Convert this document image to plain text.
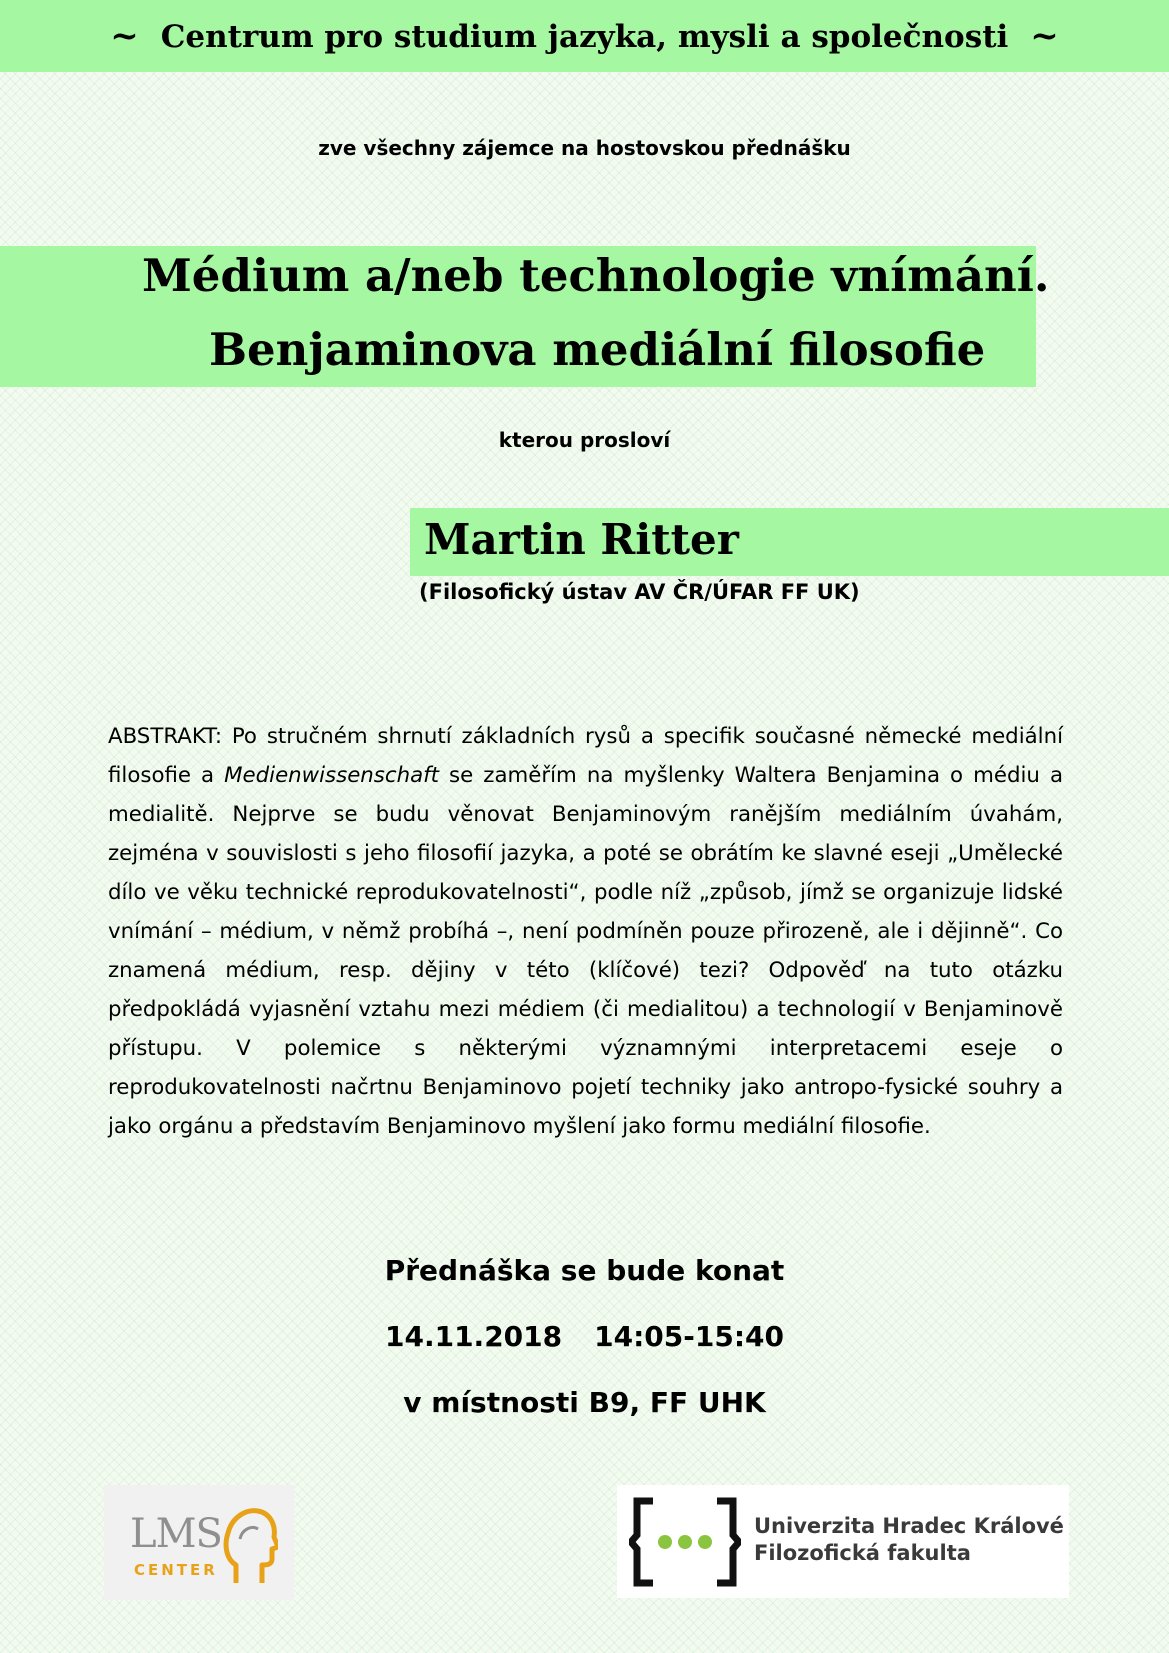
~ Centrum pro studium jazyka, mysli a společnosti ~
zve všechny zájemce na hostovskou přednášku
Médium a/neb technologie vnímání.
Benjaminova mediální filosofie
kterou prosloví
Martin Ritter
(Filosofický ústav AV ČR/ÚFAR FF UK)

ABSTRAKT: Po stručném shrnutí základních rysů a specifik současné německé mediální filosofie a Medienwissenschaft se zaměřím na myšlenky Waltera Benjamina o médiu a medialitě. Nejprve se budu věnovat Benjaminovým ranějším mediálním úvahám, zejména v souvislosti s jeho filosofií jazyka, a poté se obrátím ke slavné eseji „Umělecké dílo ve věku technické reprodukovatelnosti“, podle níž „způsob, jímž se organizuje lidské vnímání – médium, v němž probíhá –, není podmíněn pouze přirozeně, ale i dějinně“. Co znamená médium, resp. dějiny v této (klíčové) tezi? Odpověď na tuto otázku předpokládá vyjasnění vztahu mezi médiem (či medialitou) a technologií v Benjaminově přístupu. V polemice s některými významnými interpretacemi eseje o reprodukovatelnosti načrtnu Benjaminovo pojetí techniky jako antropo-fysické souhry a jako orgánu a představím Benjaminovo myšlení jako formu mediální filosofie.

Přednáška se bude konat
14.11.2018 14:05-15:40
v místnosti B9, FF UHK
LMS
CENTER
Univerzita Hradec Králové
Filozofická fakulta
